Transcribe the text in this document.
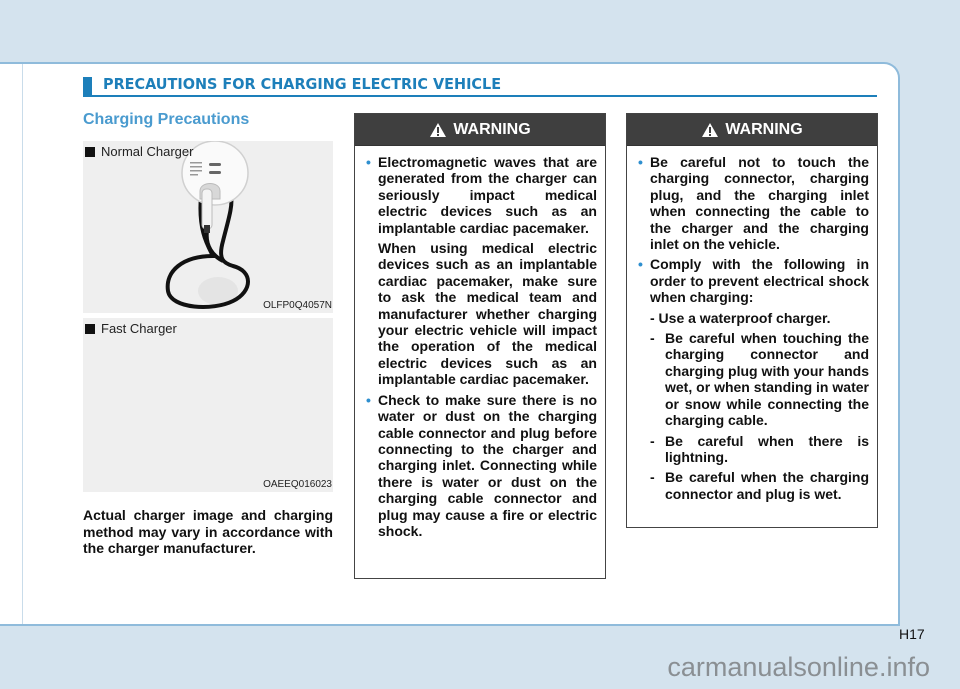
PRECAUTIONS FOR CHARGING ELECTRIC VEHICLE
Charging Precautions
Normal Charger
OLFP0Q4057N
Fast Charger
OAEEQ016023
Actual charger image and charging method may vary in accordance with the charger manufacturer.
WARNING
• Electromagnetic waves that are generated from the charger can seriously impact medical electric devices such as an implantable cardiac pacemaker.
When using medical electric devices such as an implantable cardiac pacemaker, make sure to ask the medical team and manufacturer whether charging your electric vehicle will impact the operation of the medical electric devices such as an implantable cardiac pacemaker.
• Check to make sure there is no water or dust on the charging cable connector and plug before connecting to the charger and charging inlet. Connecting while there is water or dust on the charging cable connector and plug may cause a fire or electric shock.
WARNING
• Be careful not to touch the charging connector, charging plug, and the charging inlet when connecting the cable to the charger and the charging inlet on the vehicle.
• Comply with the following in order to prevent electrical shock when charging:
- Use a waterproof charger.
- Be careful when touching the charging connector and charging plug with your hands wet, or when standing in water or snow while connecting the charging cable.
- Be careful when there is lightning.
- Be careful when the charging connector and plug is wet.
H17
carmanualsonline.info
